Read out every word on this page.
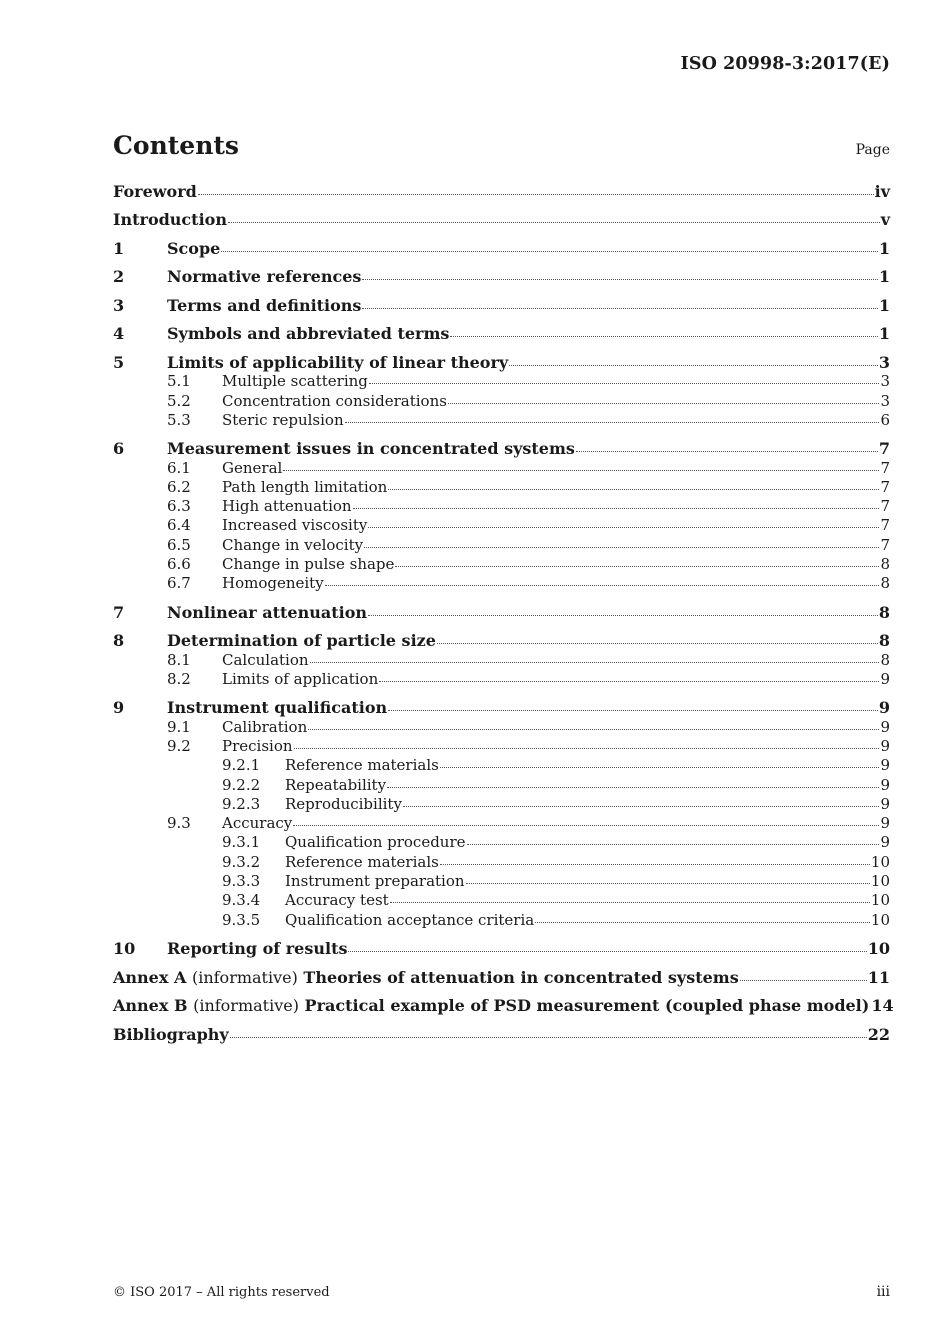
ISO 20998-3:2017(E)
Contents	Page
Foreword	iv
Introduction	v
1	Scope	1
2	Normative references	1
3	Terms and definitions	1
4	Symbols and abbreviated terms	1
5	Limits of applicability of linear theory	3
5.1	Multiple scattering	3
5.2	Concentration considerations	3
5.3	Steric repulsion	6
6	Measurement issues in concentrated systems	7
6.1	General	7
6.2	Path length limitation	7
6.3	High attenuation	7
6.4	Increased viscosity	7
6.5	Change in velocity	7
6.6	Change in pulse shape	8
6.7	Homogeneity	8
7	Nonlinear attenuation	8
8	Determination of particle size	8
8.1	Calculation	8
8.2	Limits of application	9
9	Instrument qualification	9
9.1	Calibration	9
9.2	Precision	9
9.2.1	Reference materials	9
9.2.2	Repeatability	9
9.2.3	Reproducibility	9
9.3	Accuracy	9
9.3.1	Qualification procedure	9
9.3.2	Reference materials	10
9.3.3	Instrument preparation	10
9.3.4	Accuracy test	10
9.3.5	Qualification acceptance criteria	10
10	Reporting of results	10
Annex A (informative) Theories of attenuation in concentrated systems	11
Annex B (informative) Practical example of PSD measurement (coupled phase model) 14
Bibliography	22
© ISO 2017 – All rights reserved	iii
